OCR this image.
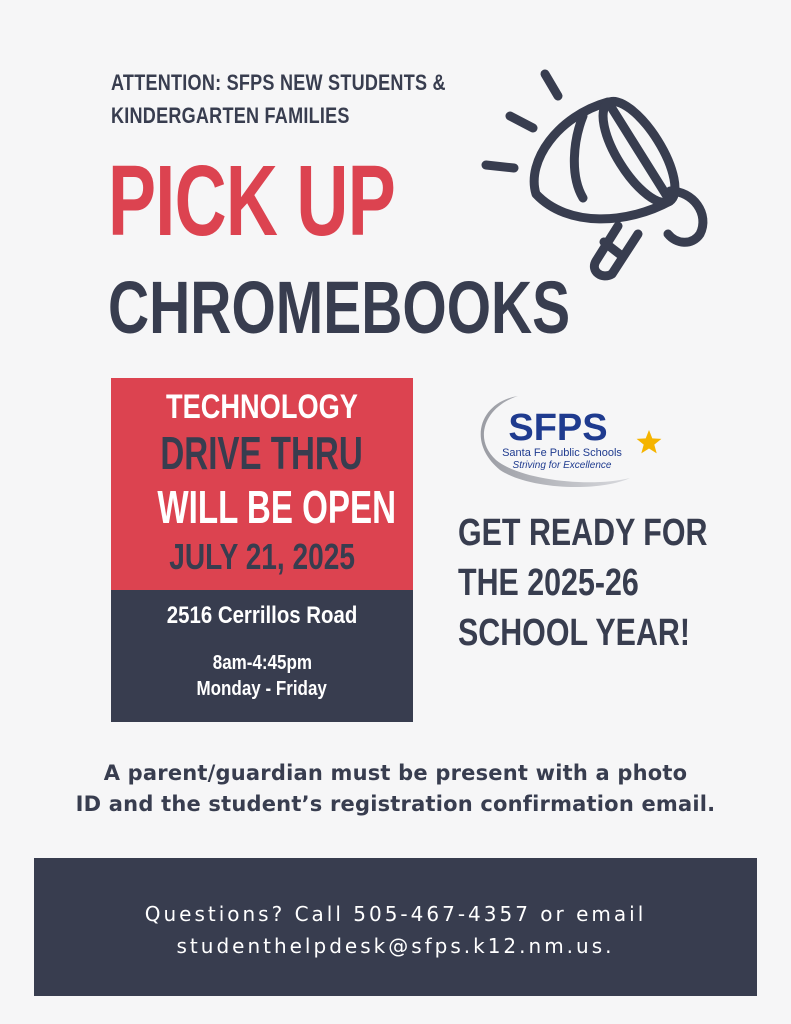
ATTENTION: SFPS NEW STUDENTS &
KINDERGARTEN FAMILIES
PICK UP
CHROMEBOOKS
TECHNOLOGY
DRIVE THRU
WILL BE OPEN
JULY 21, 2025
2516 Cerrillos Road
8am-4:45pm
Monday - Friday
SFPS
Santa Fe Public Schools
Striving for Excellence
GET READY FOR
THE 2025-26
SCHOOL YEAR!

A parent/guardian must be present with a photo
ID and the student’s registration confirmation email.

Questions? Call 505-467-4357 or email

studenthelpdesk@sfps.k12.nm.us.
